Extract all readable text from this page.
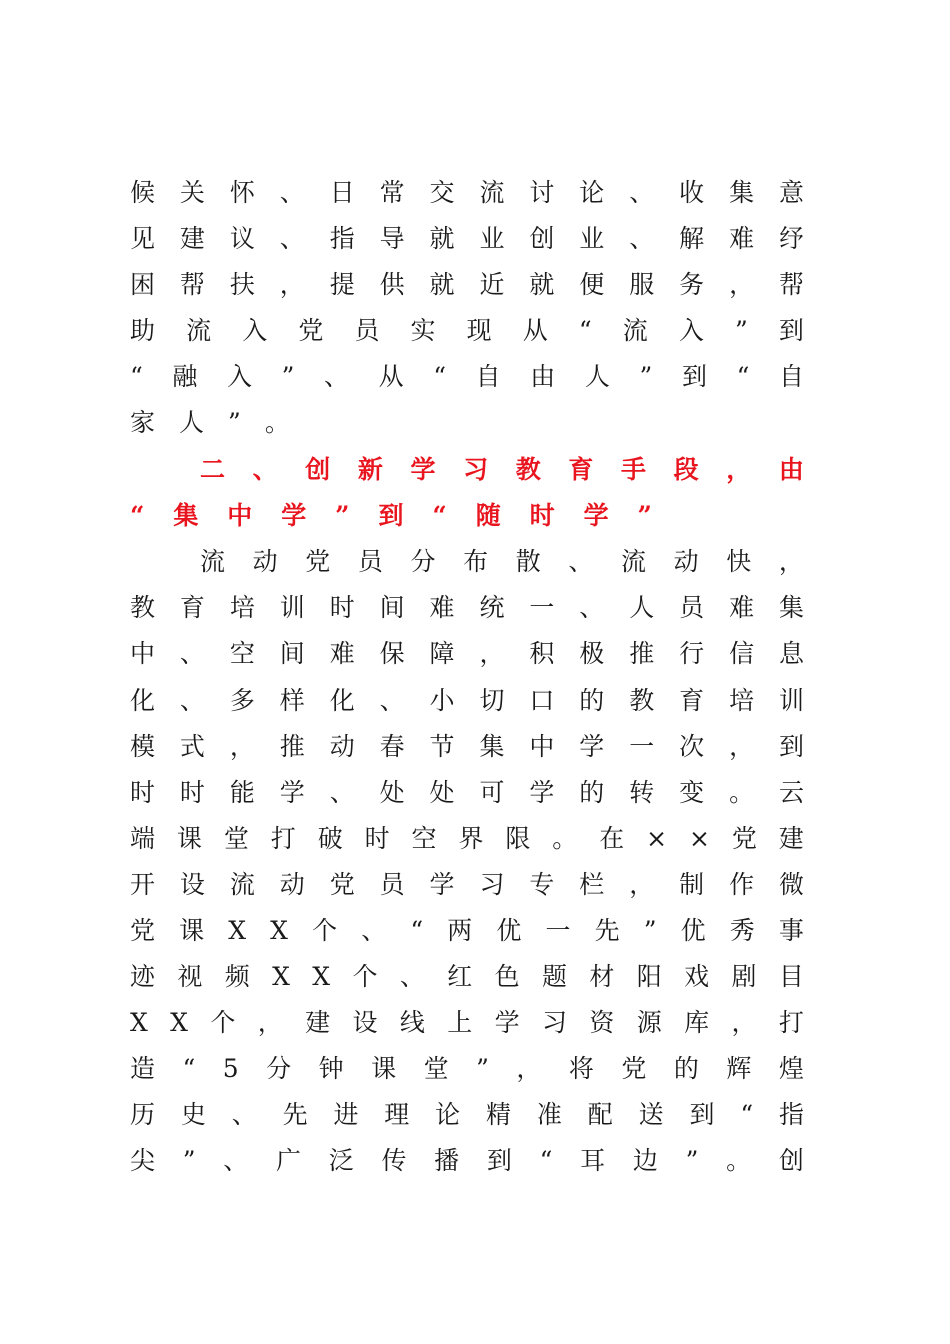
候 关 怀 、 日 常 交 流 讨 论 、 收 集 意
见 建 议 、 指 导 就 业 创 业 、 解 难 纾
困 帮 扶 ， 提 供 就 近 就 便 服 务 ， 帮
助 流 入 党 员 实 现 从 “ 流 入 ” 到
“ 融 入 ” 、 从 “ 自 由 人 ” 到 “ 自
家 人 ” 。
二 、 创 新 学 习 教 育 手 段 ， 由
“ 集 中 学 ” 到 “ 随 时 学 ”
流 动 党 员 分 布 散 、 流 动 快 ，
教 育 培 训 时 间 难 统 一 、 人 员 难 集
中 、 空 间 难 保 障 ， 积 极 推 行 信 息
化 、 多 样 化 、 小 切 口 的 教 育 培 训
模 式 ， 推 动 春 节 集 中 学 一 次 ， 到
时 时 能 学 、 处 处 可 学 的 转 变 。 云
端 课 堂 打 破 时 空 界 限 。 在 × × 党 建
开 设 流 动 党 员 学 习 专 栏 ， 制 作 微
党 课 X X 个 、 “ 两 优 一 先 ” 优 秀 事
迹 视 频 X X 个 、 红 色 题 材 阳 戏 剧 目
X X 个 ， 建 设 线 上 学 习 资 源 库 ， 打
造 “ 5 分 钟 课 堂 ” ， 将 党 的 辉 煌
历 史 、 先 进 理 论 精 准 配 送 到 “ 指
尖 ” 、 广 泛 传 播 到 “ 耳 边 ” 。 创
